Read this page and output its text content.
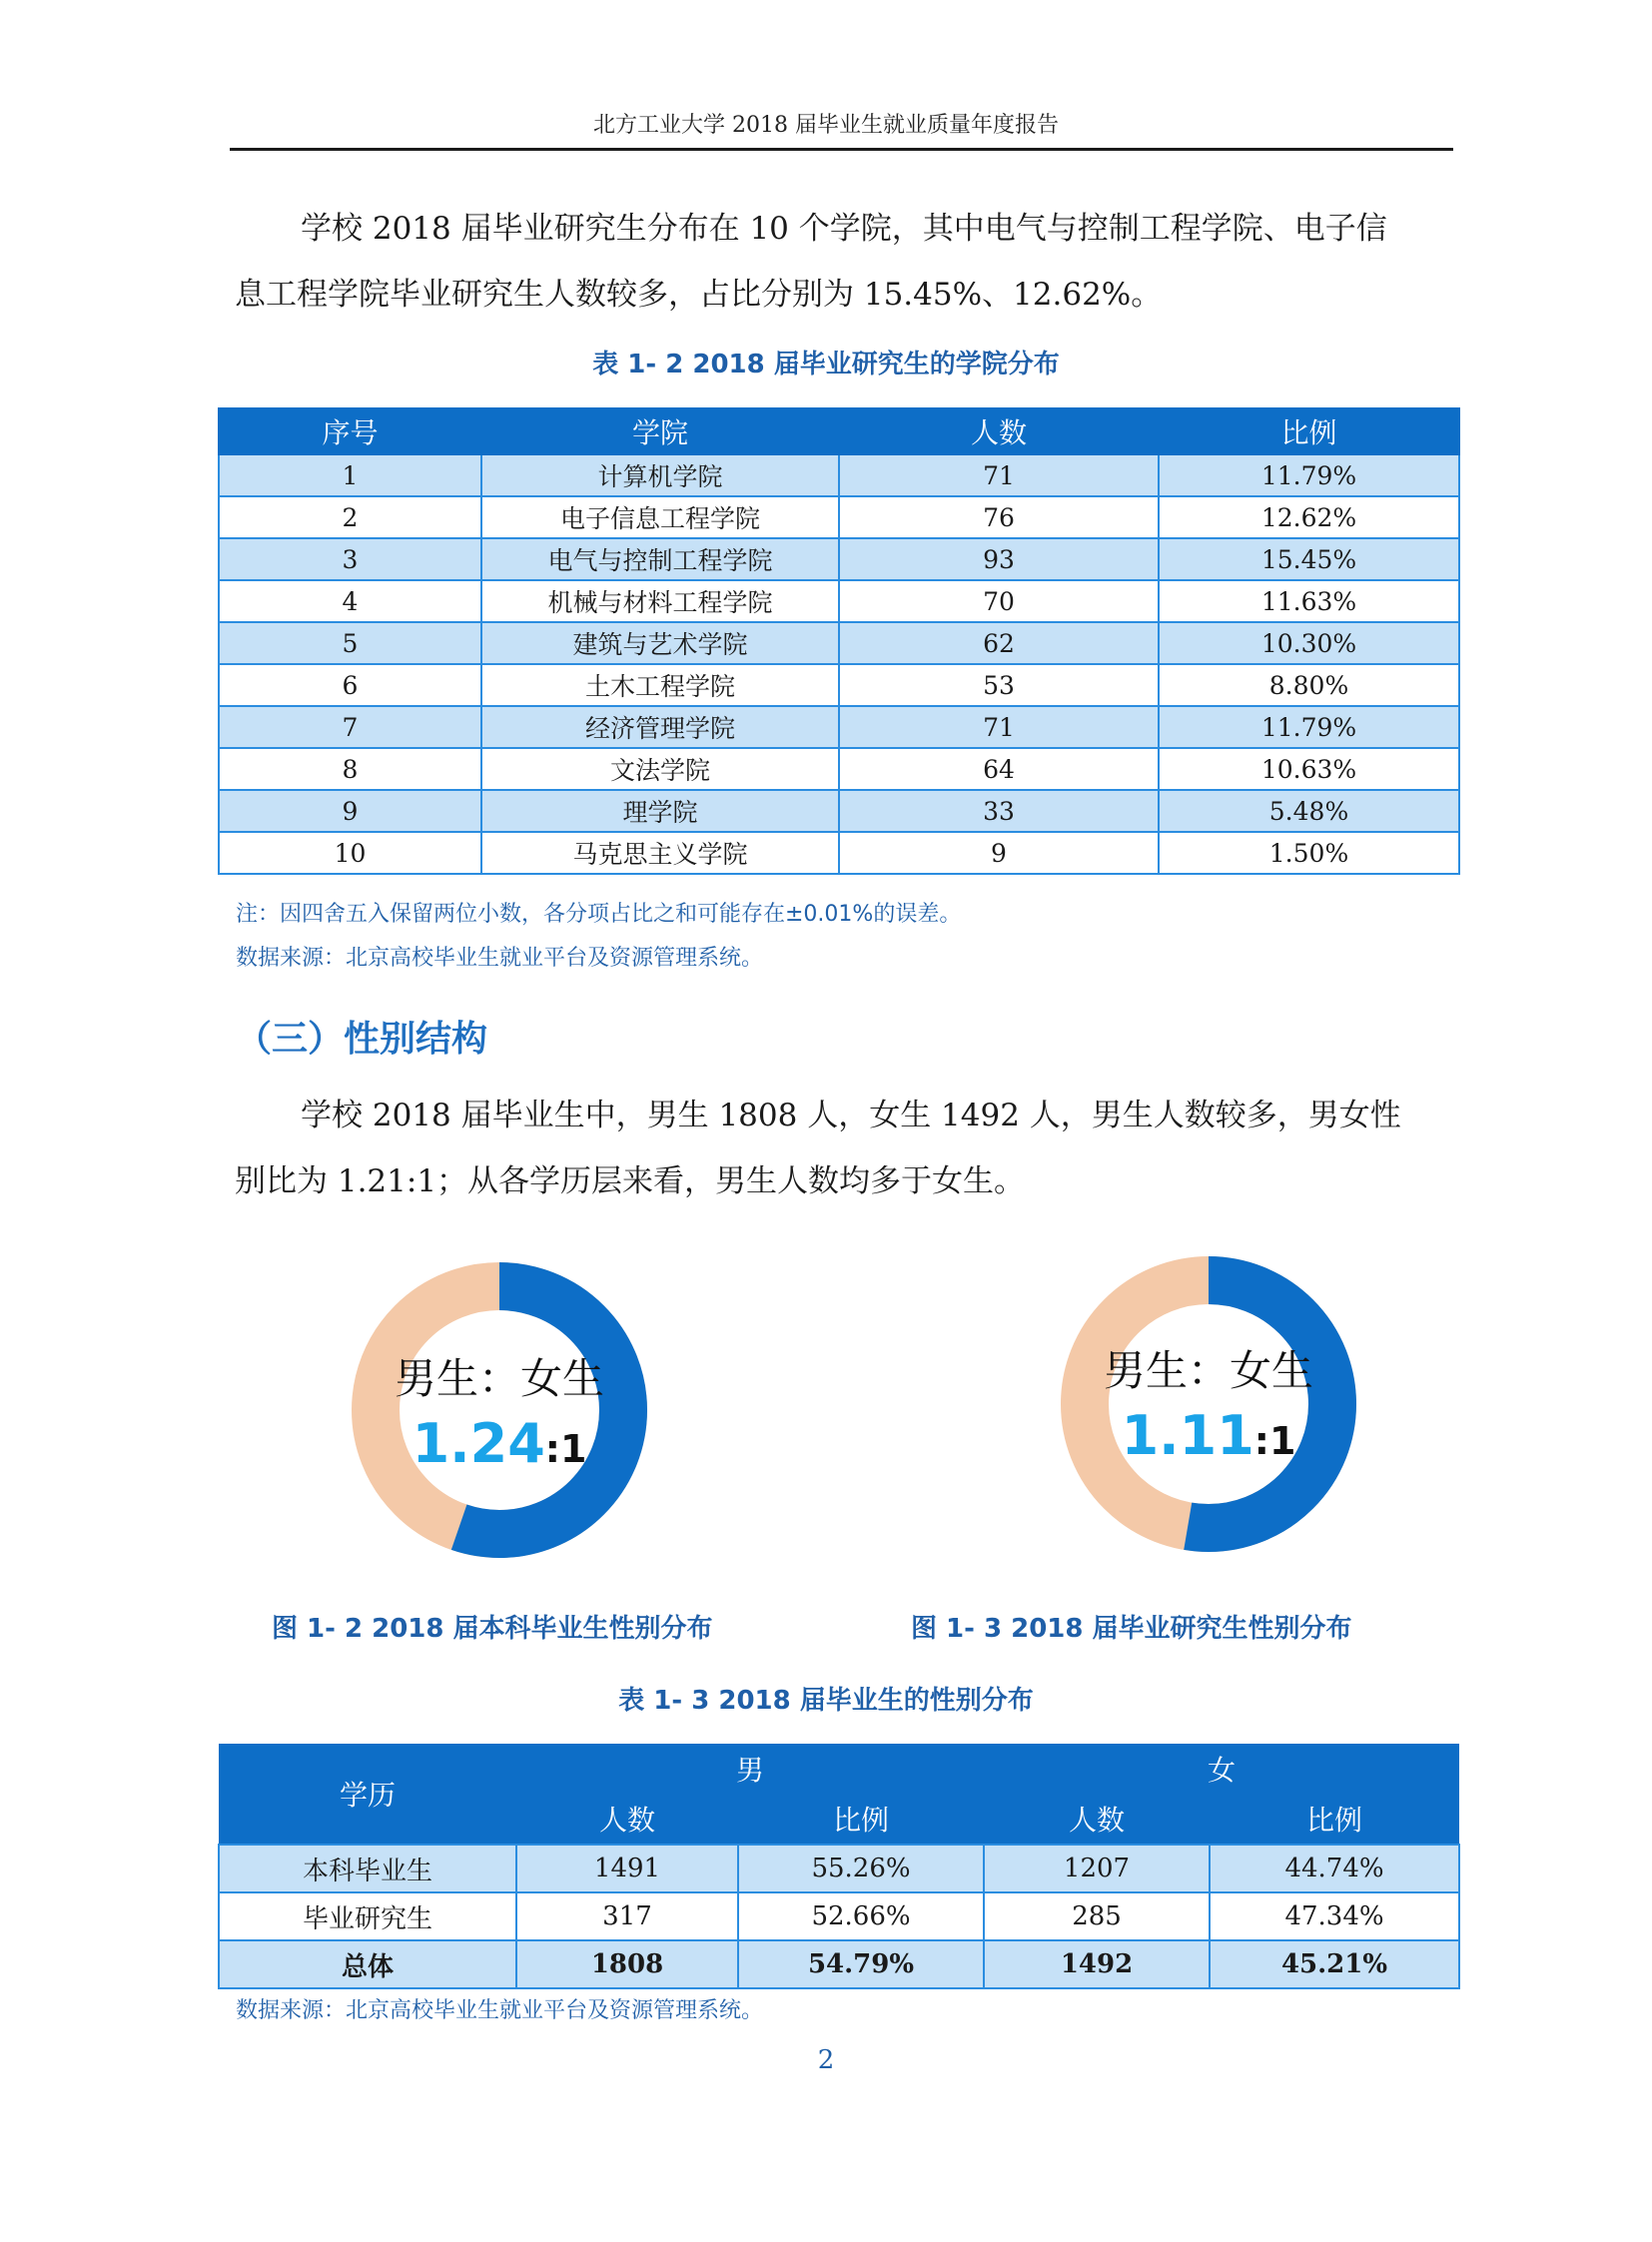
北方工业大学 2018 届毕业生就业质量年度报告

学校 2018 届毕业研究生分布在 10 个学院，其中电气与控制工程学院、电子信

息工程学院毕业研究生人数较多，占比分别为 15.45%、12.62%。

表 1- 2 2018 届毕业研究生的学院分布
序号	学院	人数	比例
1	计算机学院	71	11.79%
2	电子信息工程学院	76	12.62%
3	电气与控制工程学院	93	15.45%
4	机械与材料工程学院	70	11.63%
5	建筑与艺术学院	62	10.30%
6	土木工程学院	53	8.80%
7	经济管理学院	71	11.79%
8	文法学院	64	10.63%
9	理学院	33	5.48%
10	马克思主义学院	9	1.50%
注：因四舍五入保留两位小数，各分项占比之和可能存在±0.01%的误差。
数据来源：北京高校毕业生就业平台及资源管理系统。
（三）性别结构

学校 2018 届毕业生中，男生 1808 人，女生 1492 人，男生人数较多，男女性

别比为 1.21:1；从各学历层来看，男生人数均多于女生。

男生：女生
1.24:1
图 1- 2 2018 届本科毕业生性别分布
男生：女生
1.11:1
图 1- 3 2018 届毕业研究生性别分布
表 1- 3 2018 届毕业生的性别分布
学历	男		女	
	人数	比例	人数	比例
本科毕业生	1491	55.26%	1207	44.74%
毕业研究生	317	52.66%	285	47.34%
总体	1808	54.79%	1492	45.21%
数据来源：北京高校毕业生就业平台及资源管理系统。
2
